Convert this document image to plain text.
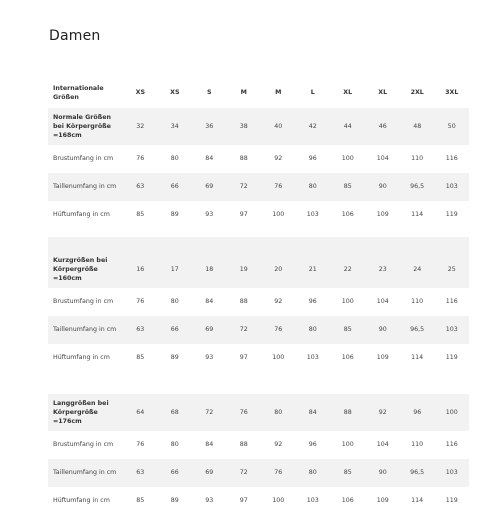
Damen
Internationale Größen	XS	XS	S	M	M	L	XL	XL	2XL	3XL
Normale Größen bei Körpergröße =168cm	32	34	36	38	40	42	44	46	48	50
Brustumfang in cm	76	80	84	88	92	96	100	104	110	116
Taillenumfang in cm	63	66	69	72	76	80	85	90	96,5	103
Hüftumfang in cm	85	89	93	97	100	103	106	109	114	119

Kurzgrößen bei Körpergröße =160cm	16	17	18	19	20	21	22	23	24	25
Brustumfang in cm	76	80	84	88	92	96	100	104	110	116
Taillenumfang in cm	63	66	69	72	76	80	85	90	96,5	103
Hüftumfang in cm	85	89	93	97	100	103	106	109	114	119

Langgrößen bei Körpergröße =176cm	64	68	72	76	80	84	88	92	96	100
Brustumfang in cm	76	80	84	88	92	96	100	104	110	116
Taillenumfang in cm	63	66	69	72	76	80	85	90	96,5	103
Hüftumfang in cm	85	89	93	97	100	103	106	109	114	119
